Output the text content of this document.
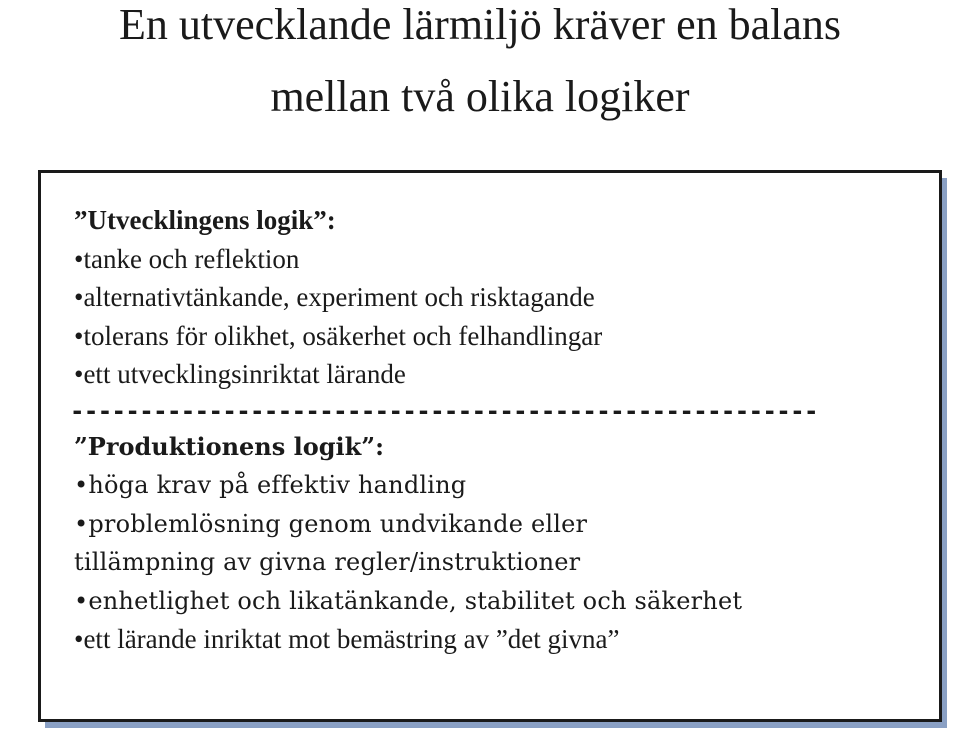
En utvecklande lärmiljö kräver en balans
mellan två olika logiker
”Utvecklingens logik”:
•tanke och reflektion
•alternativtänkande, experiment och risktagande
•tolerans för olikhet, osäkerhet och felhandlingar
•ett utvecklingsinriktat lärande
------------------------------------------------------
”Produktionens logik”:
•höga krav på effektiv handling
•problemlösning genom undvikande eller
tillämpning av givna regler/instruktioner
•enhetlighet och likatänkande, stabilitet och säkerhet
•ett lärande inriktat mot bemästring av ”det givna”
